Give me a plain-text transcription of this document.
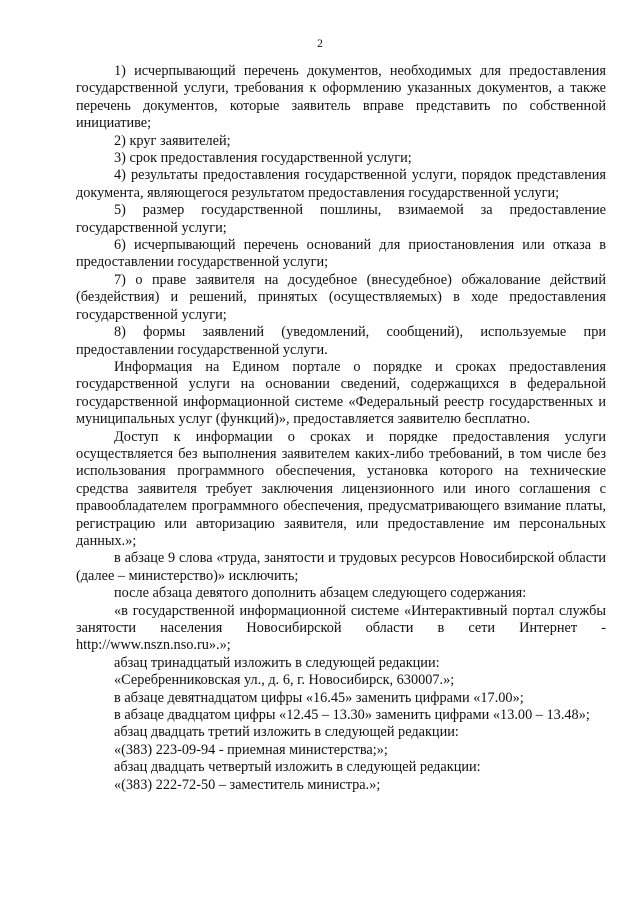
2

1) исчерпывающий перечень документов, необходимых для предоставления государственной услуги, требования к оформлению указанных документов, а также перечень документов, которые заявитель вправе представить по собственной инициативе;

2) круг заявителей;

3) срок предоставления государственной услуги;

4) результаты предоставления государственной услуги, порядок представления документа, являющегося результатом предоставления государственной услуги;

5) размер государственной пошлины, взимаемой за предоставление государственной услуги;

6) исчерпывающий перечень оснований для приостановления или отказа в предоставлении государственной услуги;

7) о праве заявителя на досудебное (внесудебное) обжалование действий (бездействия) и решений, принятых (осуществляемых) в ходе предоставления государственной услуги;

8) формы заявлений (уведомлений, сообщений), используемые при предоставлении государственной услуги.

Информация на Едином портале о порядке и сроках предоставления государственной услуги на основании сведений, содержащихся в федеральной государственной информационной системе «Федеральный реестр государственных и муниципальных услуг (функций)», предоставляется заявителю бесплатно.

Доступ к информации о сроках и порядке предоставления услуги осуществляется без выполнения заявителем каких-либо требований, в том числе без использования программного обеспечения, установка которого на технические средства заявителя требует заключения лицензионного или иного соглашения с правообладателем программного обеспечения, предусматривающего взимание платы, регистрацию или авторизацию заявителя, или предоставление им персональных данных.»;

в абзаце 9 слова «труда, занятости и трудовых ресурсов Новосибирской области (далее – министерство)» исключить;

после абзаца девятого дополнить абзацем следующего содержания:

«в государственной информационной системе «Интерактивный портал службы занятости населения Новосибирской области в сети Интернет - http://www.nszn.nso.ru».»;

абзац тринадцатый изложить в следующей редакции:

«Серебренниковская ул., д. 6, г. Новосибирск, 630007.»;

в абзаце девятнадцатом цифры «16.45» заменить цифрами «17.00»;

в абзаце двадцатом цифры «12.45 – 13.30» заменить цифрами «13.00 – 13.48»;

абзац двадцать третий изложить в следующей редакции:

«(383) 223-09-94 - приемная министерства;»;

абзац двадцать четвертый изложить в следующей редакции:

«(383) 222-72-50 – заместитель министра.»;
